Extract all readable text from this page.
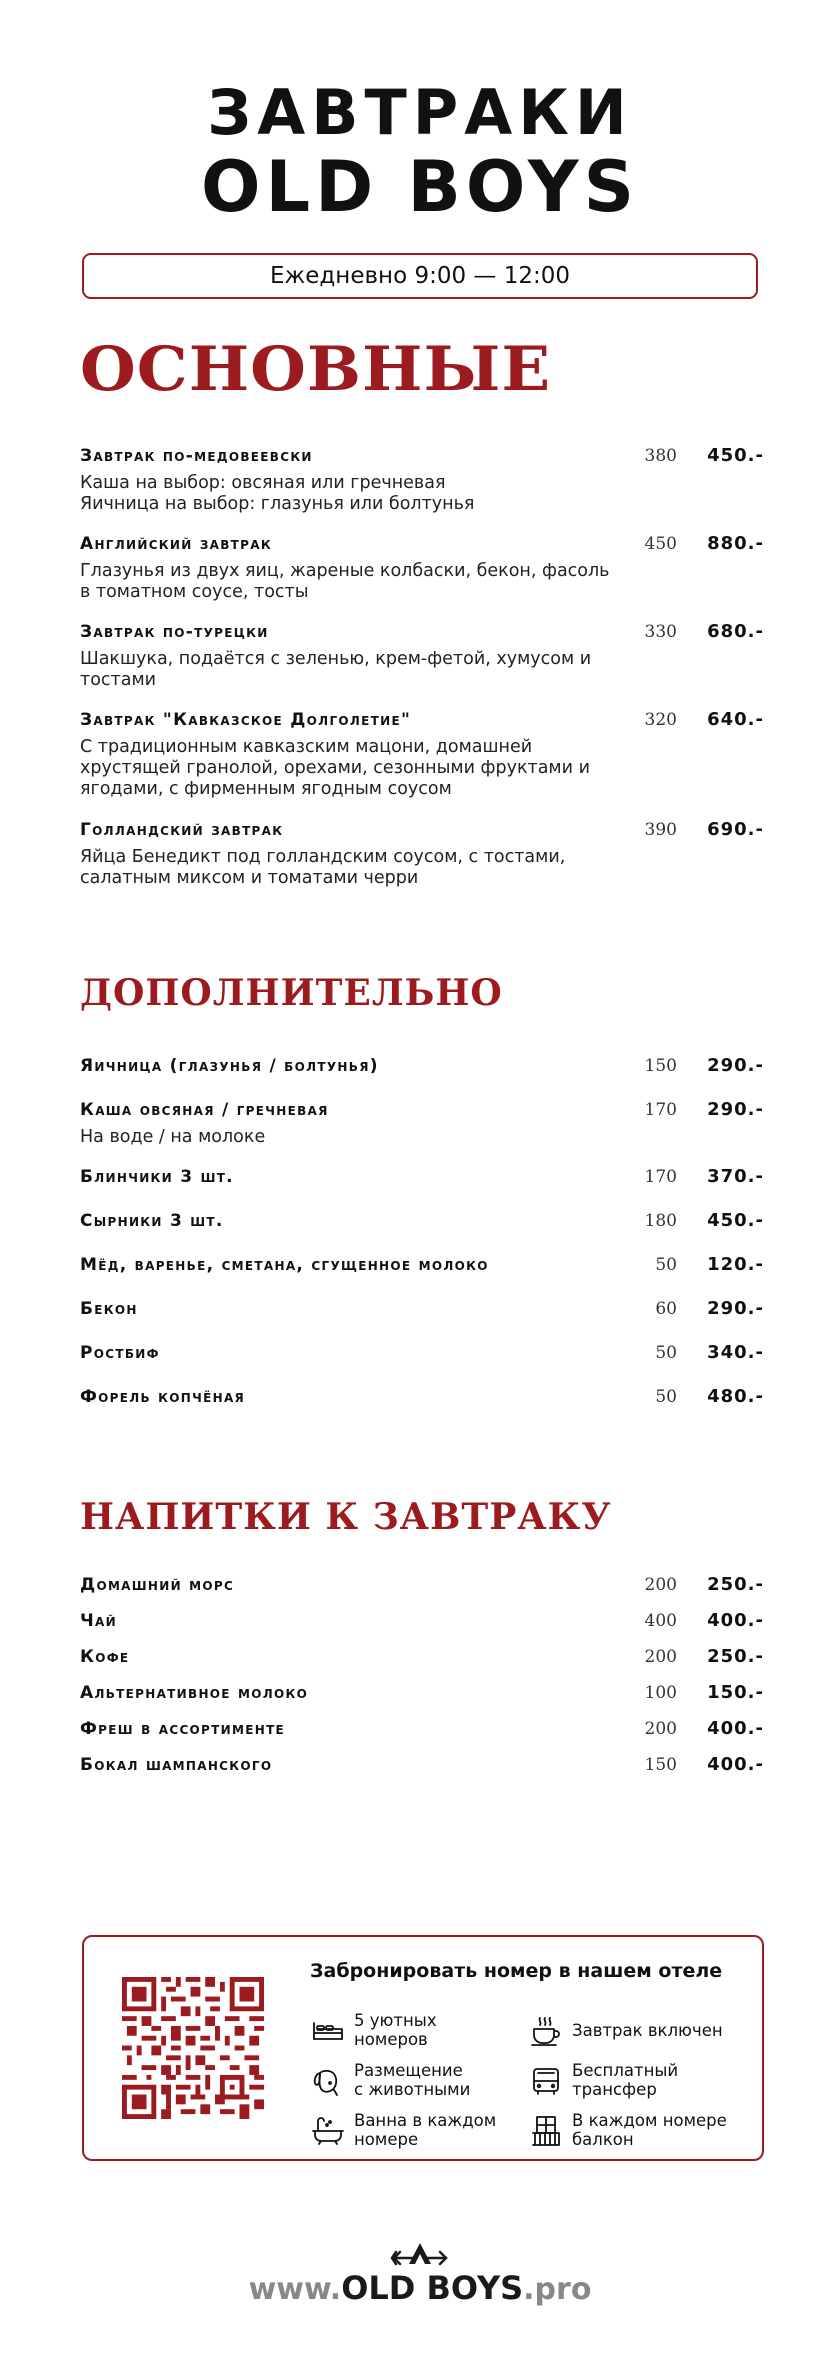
ЗАВТРАКИ
OLD BOYS
Ежедневно 9:00 — 12:00
ОСНОВНЫЕ
Завтрак по-медовеевски
Каша на выбор: овсяная или гречневая
Яичница на выбор: глазунья или болтунья
380 450.-
Английский завтрак
Глазунья из двух яиц, жареные колбаски, бекон, фасоль в томатном соусе, тосты
450 880.-
Завтрак по-турецки
Шакшука, подаётся с зеленью, крем-фетой, хумусом и тостами
330 680.-
Завтрак "Кавказское Долголетие"
С традиционным кавказским мацони, домашней хрустящей гранолой, орехами, сезонными фруктами и ягодами, с фирменным ягодным соусом
320 640.-
Голландский завтрак
Яйца Бенедикт под голландским соусом, с тостами, салатным миксом и томатами черри
390 690.-
ДОПОЛНИТЕЛЬНО
Яичница (глазунья / болтунья)	150 290.-
Каша овсяная / гречневая
На воде / на молоке
170 290.-
Блинчики 3 шт.	170 370.-
Сырники 3 шт.	180 450.-
Мёд, варенье, сметана, сгущенное молоко	50 120.-
Бекон	60 290.-
Ростбиф	50 340.-
Форель копчёная	50 480.-
НАПИТКИ К ЗАВТРАКУ
Домашний морс	200 250.-
Чай	400 400.-
Кофе	200 250.-
Альтернативное молоко	100 150.-
Фреш в ассортименте	200 400.-
Бокал шампанского	150 400.-
Забронировать номер в нашем отеле
5 уютных
номеров	Завтрак включен
Размещение
с животными
Бесплатный
трансфер
Ванна в каждом
номере
В каждом номере
балкон
www.OLD BOYS.pro
